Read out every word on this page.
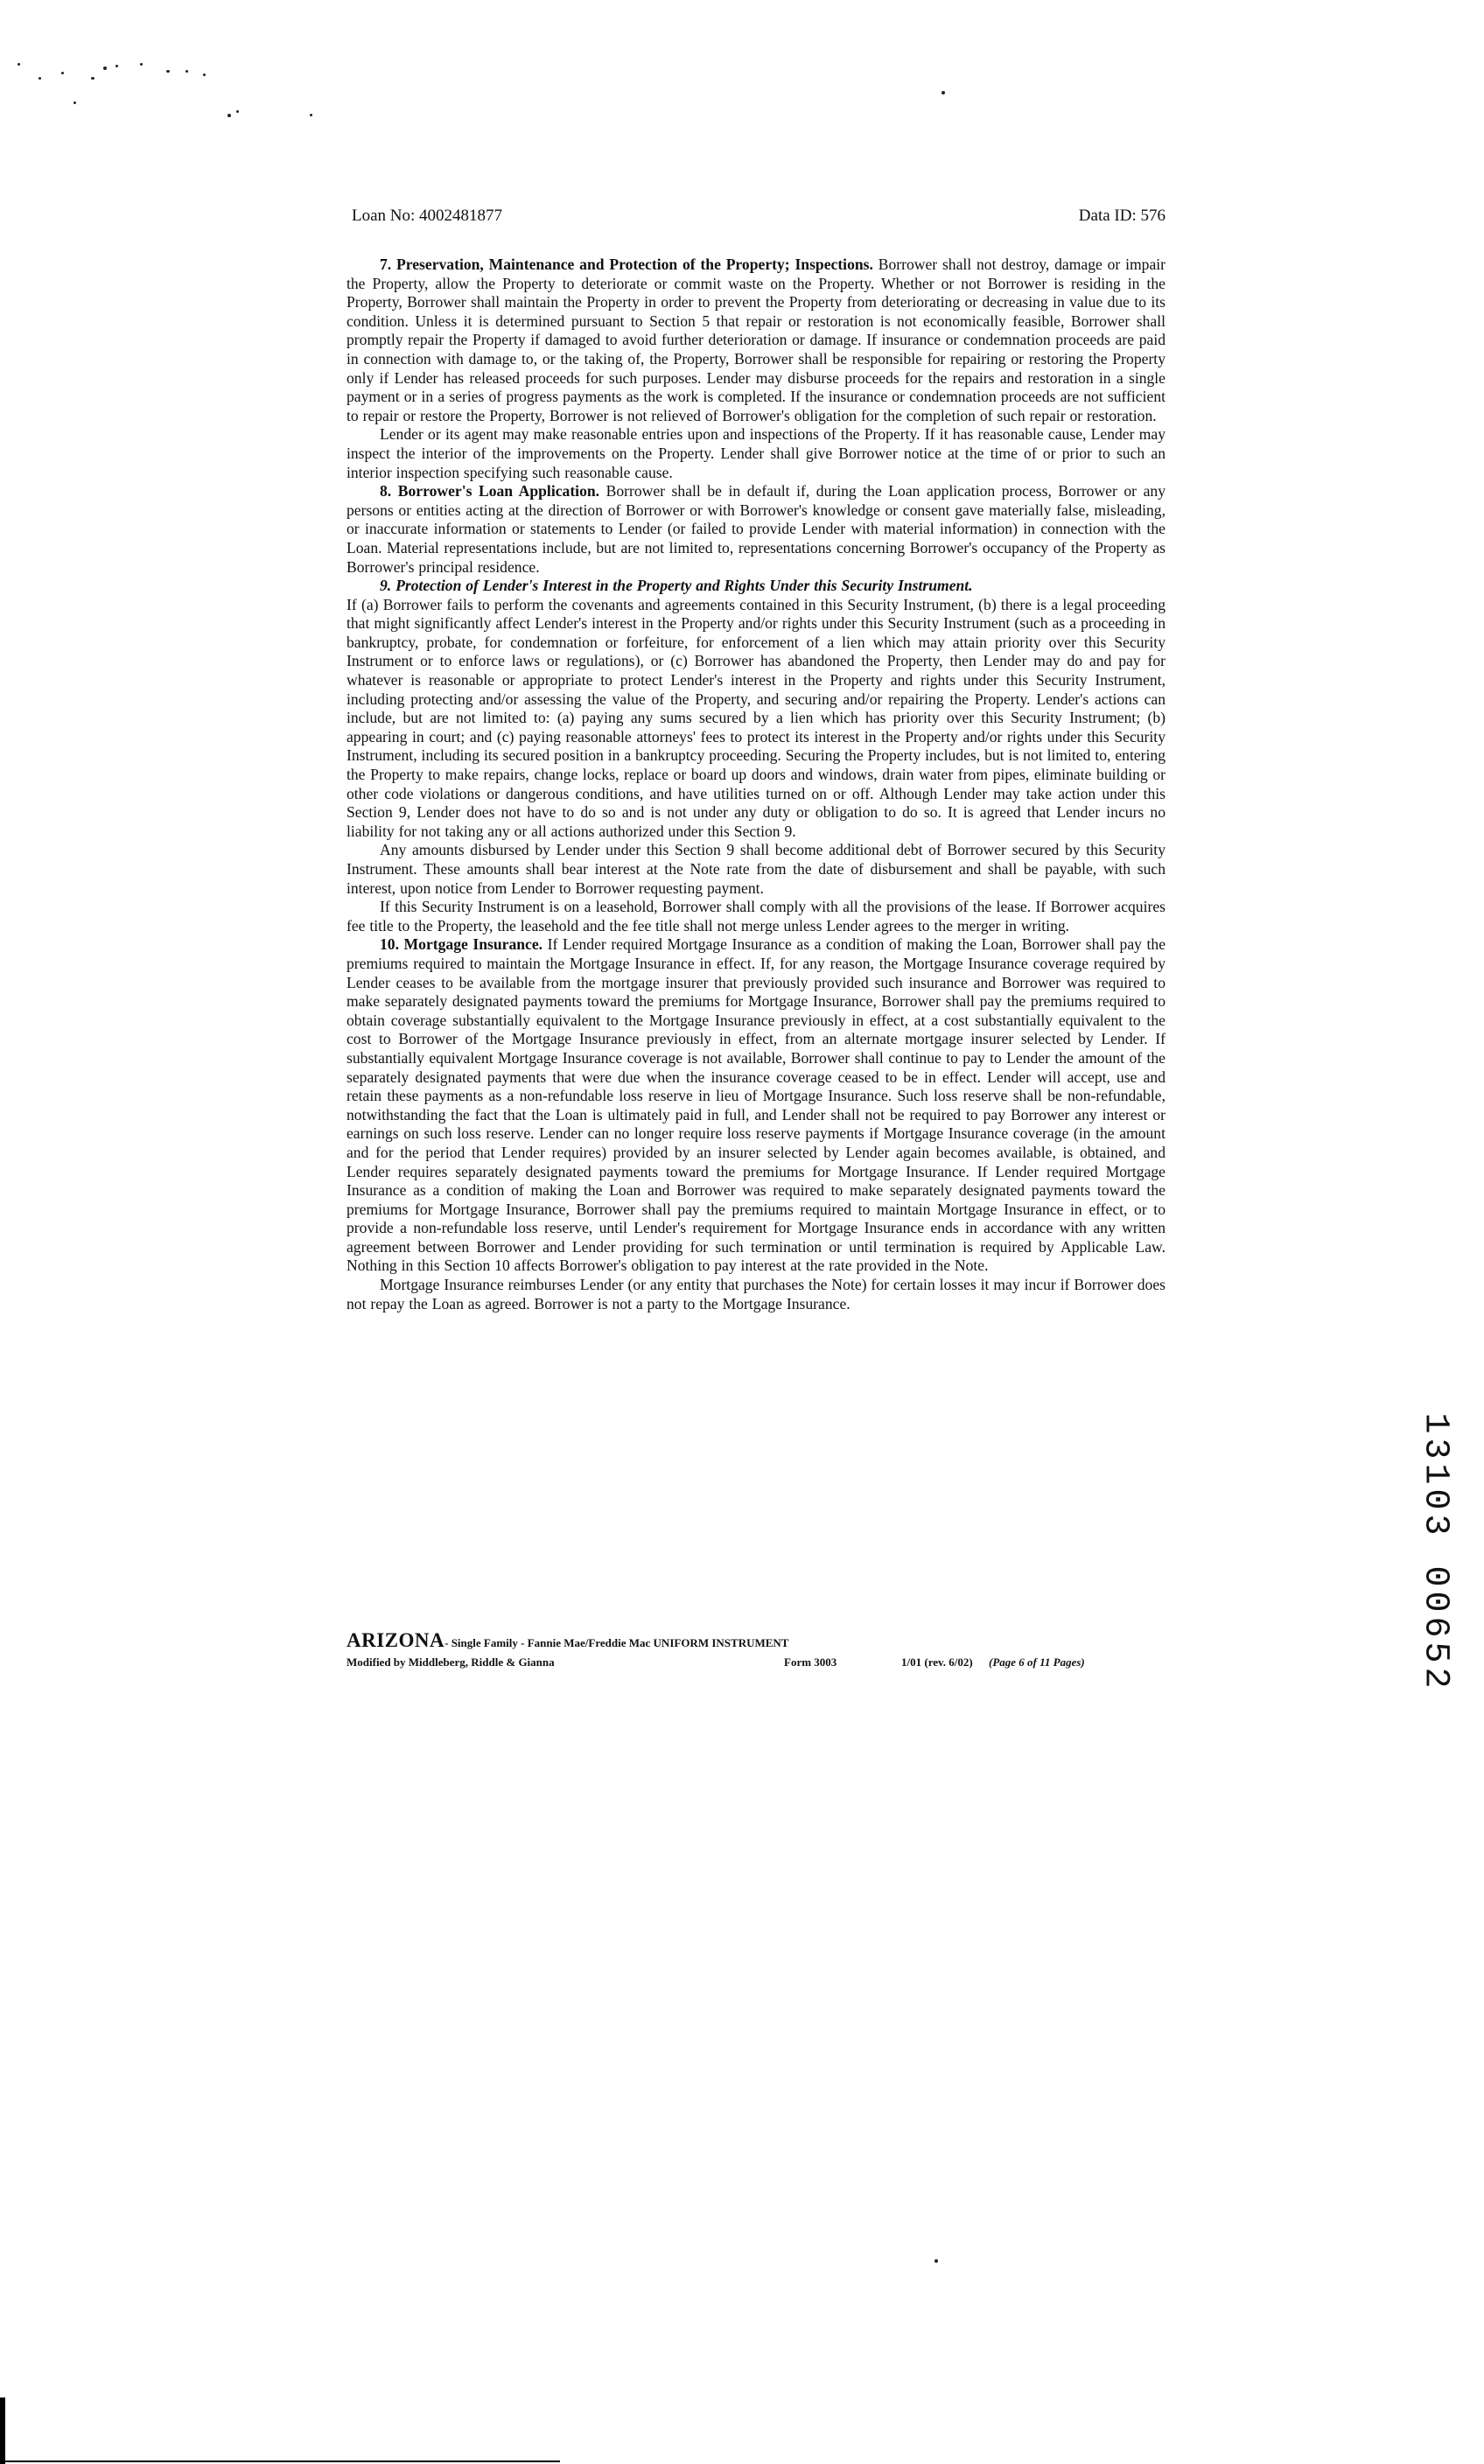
Loan No: 4002481877	Data ID: 576

7. Preservation, Maintenance and Protection of the Property; Inspections. Borrower shall not destroy, damage or impair the Property, allow the Property to deteriorate or commit waste on the Property. Whether or not Borrower is residing in the Property, Borrower shall maintain the Property in order to prevent the Property from deteriorating or decreasing in value due to its condition. Unless it is determined pursuant to Section 5 that repair or restoration is not economically feasible, Borrower shall promptly repair the Property if damaged to avoid further deterioration or damage. If insurance or condemnation proceeds are paid in connection with damage to, or the taking of, the Property, Borrower shall be responsible for repairing or restoring the Property only if Lender has released proceeds for such purposes. Lender may disburse proceeds for the repairs and restoration in a single payment or in a series of progress payments as the work is completed. If the insurance or condemnation proceeds are not sufficient to repair or restore the Property, Borrower is not relieved of Borrower's obligation for the completion of such repair or restoration.

Lender or its agent may make reasonable entries upon and inspections of the Property. If it has reasonable cause, Lender may inspect the interior of the improvements on the Property. Lender shall give Borrower notice at the time of or prior to such an interior inspection specifying such reasonable cause.

8. Borrower's Loan Application. Borrower shall be in default if, during the Loan application process, Borrower or any persons or entities acting at the direction of Borrower or with Borrower's knowledge or consent gave materially false, misleading, or inaccurate information or statements to Lender (or failed to provide Lender with material information) in connection with the Loan. Material representations include, but are not limited to, representations concerning Borrower's occupancy of the Property as Borrower's principal residence.

9. Protection of Lender's Interest in the Property and Rights Under this Security Instrument.

If (a) Borrower fails to perform the covenants and agreements contained in this Security Instrument, (b) there is a legal proceeding that might significantly affect Lender's interest in the Property and/or rights under this Security Instrument (such as a proceeding in bankruptcy, probate, for condemnation or forfeiture, for enforcement of a lien which may attain priority over this Security Instrument or to enforce laws or regulations), or (c) Borrower has abandoned the Property, then Lender may do and pay for whatever is reasonable or appropriate to protect Lender's interest in the Property and rights under this Security Instrument, including protecting and/or assessing the value of the Property, and securing and/or repairing the Property. Lender's actions can include, but are not limited to: (a) paying any sums secured by a lien which has priority over this Security Instrument; (b) appearing in court; and (c) paying reasonable attorneys' fees to protect its interest in the Property and/or rights under this Security Instrument, including its secured position in a bankruptcy proceeding. Securing the Property includes, but is not limited to, entering the Property to make repairs, change locks, replace or board up doors and windows, drain water from pipes, eliminate building or other code violations or dangerous conditions, and have utilities turned on or off. Although Lender may take action under this Section 9, Lender does not have to do so and is not under any duty or obligation to do so. It is agreed that Lender incurs no liability for not taking any or all actions authorized under this Section 9.

Any amounts disbursed by Lender under this Section 9 shall become additional debt of Borrower secured by this Security Instrument. These amounts shall bear interest at the Note rate from the date of disbursement and shall be payable, with such interest, upon notice from Lender to Borrower requesting payment.

If this Security Instrument is on a leasehold, Borrower shall comply with all the provisions of the lease. If Borrower acquires fee title to the Property, the leasehold and the fee title shall not merge unless Lender agrees to the merger in writing.

10. Mortgage Insurance. If Lender required Mortgage Insurance as a condition of making the Loan, Borrower shall pay the premiums required to maintain the Mortgage Insurance in effect. If, for any reason, the Mortgage Insurance coverage required by Lender ceases to be available from the mortgage insurer that previously provided such insurance and Borrower was required to make separately designated payments toward the premiums for Mortgage Insurance, Borrower shall pay the premiums required to obtain coverage substantially equivalent to the Mortgage Insurance previously in effect, at a cost substantially equivalent to the cost to Borrower of the Mortgage Insurance previously in effect, from an alternate mortgage insurer selected by Lender. If substantially equivalent Mortgage Insurance coverage is not available, Borrower shall continue to pay to Lender the amount of the separately designated payments that were due when the insurance coverage ceased to be in effect. Lender will accept, use and retain these payments as a non-refundable loss reserve in lieu of Mortgage Insurance. Such loss reserve shall be non-refundable, notwithstanding the fact that the Loan is ultimately paid in full, and Lender shall not be required to pay Borrower any interest or earnings on such loss reserve. Lender can no longer require loss reserve payments if Mortgage Insurance coverage (in the amount and for the period that Lender requires) provided by an insurer selected by Lender again becomes available, is obtained, and Lender requires separately designated payments toward the premiums for Mortgage Insurance. If Lender required Mortgage Insurance as a condition of making the Loan and Borrower was required to make separately designated payments toward the premiums for Mortgage Insurance, Borrower shall pay the premiums required to maintain Mortgage Insurance in effect, or to provide a non-refundable loss reserve, until Lender's requirement for Mortgage Insurance ends in accordance with any written agreement between Borrower and Lender providing for such termination or until termination is required by Applicable Law. Nothing in this Section 10 affects Borrower's obligation to pay interest at the rate provided in the Note.

Mortgage Insurance reimburses Lender (or any entity that purchases the Note) for certain losses it may incur if Borrower does not repay the Loan as agreed. Borrower is not a party to the Mortgage Insurance.

ARIZONA- Single Family - Fannie Mae/Freddie Mac UNIFORM INSTRUMENT
Modified by Middleberg, Riddle & Gianna	Form 3003	1/01 (rev. 6/02)	(Page 6 of 11 Pages)
1
3
1
0
3
0
0
6
5
2
